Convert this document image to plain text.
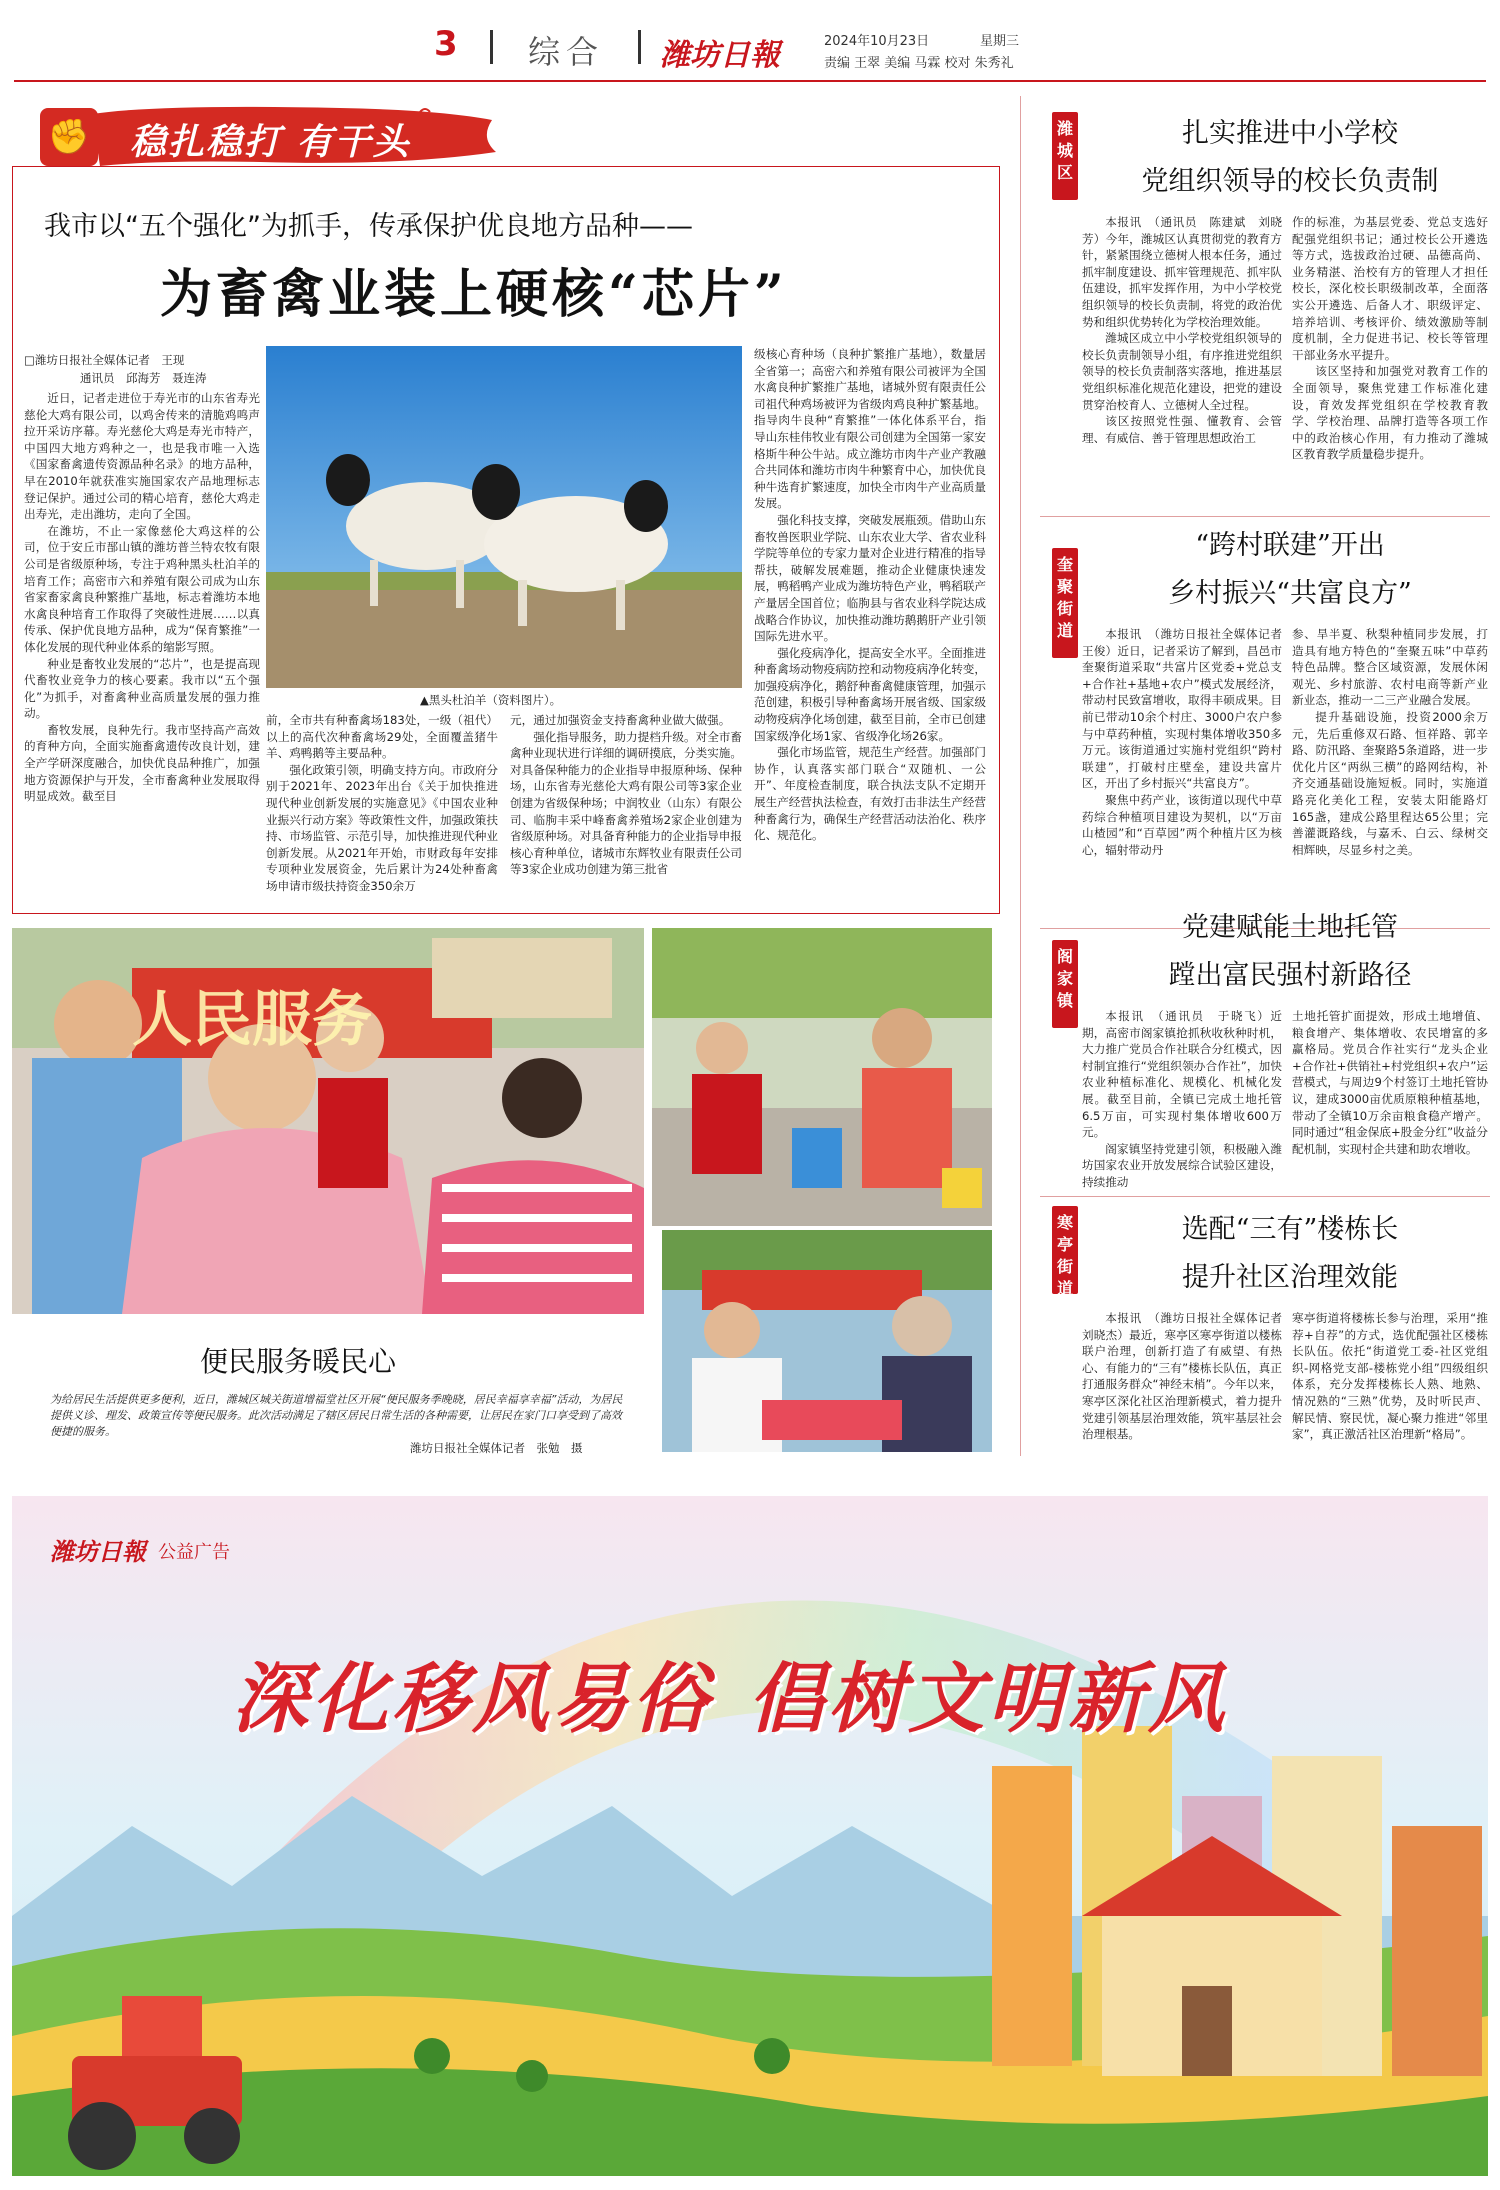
3 综合 潍坊日報	2024年10月23日	星期三
责编 王翠 美编 马霖 校对 朱秀礼
✊ 稳扎稳打 有干头
我市以“五个强化”为抓手，传承保护优良地方品种——
为畜禽业装上硬核“芯片”
□潍坊日报社全媒体记者　王现
通讯员　邱海芳　聂连涛

近日，记者走进位于寿光市的山东省寿光慈伦大鸡有限公司，以鸡舍传来的清脆鸡鸣声拉开采访序幕。寿光慈伦大鸡是寿光市特产，中国四大地方鸡种之一，也是我市唯一入选《国家畜禽遗传资源品种名录》的地方品种，早在2010年就获准实施国家农产品地理标志登记保护。通过公司的精心培育，慈伦大鸡走出寿光，走出潍坊，走向了全国。

在潍坊，不止一家像慈伦大鸡这样的公司，位于安丘市郚山镇的潍坊普兰特农牧有限公司是省级原种场，专注于鸡种黑头杜泊羊的培育工作；高密市六和养殖有限公司成为山东省家畜家禽良种繁推广基地，标志着潍坊本地水禽良种培育工作取得了突破性进展……以真传承、保护优良地方品种，成为“保育繁推”一体化发展的现代种业体系的缩影写照。

种业是畜牧业发展的“芯片”，也是提高现代畜牧业竞争力的核心要素。我市以“五个强化”为抓手，对畜禽种业高质量发展的强力推动。

畜牧发展，良种先行。我市坚持高产高效的育种方向，全面实施畜禽遗传改良计划，建全产学研深度融合，加快优良品种推广，加强地方资源保护与开发，全市畜禽种业发展取得明显成效。截至目

▲黑头杜泊羊（资料图片）。

前，全市共有种畜禽场183处，一级（祖代）以上的高代次种畜禽场29处，全面覆盖猪牛羊、鸡鸭鹅等主要品种。

强化政策引领，明确支持方向。市政府分别于2021年、2023年出台《关于加快推进现代种业创新发展的实施意见》《中国农业种业振兴行动方案》等政策性文件，加强政策扶持、市场监管、示范引导，加快推进现代种业创新发展。从2021年开始，市财政每年安排专项种业发展资金，先后累计为24处种畜禽场申请市级扶持资金350余万

元，通过加强资金支持畜禽种业做大做强。

强化指导服务，助力提档升级。对全市畜禽种业现状进行详细的调研摸底，分类实施。对具备保种能力的企业指导申报原种场、保种场，山东省寿光慈伦大鸡有限公司等3家企业创建为省级保种场；中润牧业（山东）有限公司、临朐丰采中峰畜禽养殖场2家企业创建为省级原种场。对具备育种能力的企业指导申报核心育种单位，诸城市东辉牧业有限责任公司等3家企业成功创建为第三批省

级核心育种场（良种扩繁推广基地），数量居全省第一；高密六和养殖有限公司被评为全国水禽良种扩繁推广基地，诸城外贸有限责任公司祖代种鸡场被评为省级肉鸡良种扩繁基地。指导肉牛良种“育繁推”一体化体系平台，指导山东桂伟牧业有限公司创建为全国第一家安格斯牛种公牛站。成立潍坊市肉牛产业产教融合共同体和潍坊市肉牛种繁育中心，加快优良种牛选育扩繁速度，加快全市肉牛产业高质量发展。

强化科技支撑，突破发展瓶颈。借助山东畜牧兽医职业学院、山东农业大学、省农业科学院等单位的专家力量对企业进行精准的指导帮扶，破解发展难题，推动企业健康快速发展，鸭稻鸭产业成为潍坊特色产业，鸭稻联产产量居全国首位；临朐县与省农业科学院达成战略合作协议，加快推动潍坊鹅鹅肝产业引领国际先进水平。

强化疫病净化，提高安全水平。全面推进种畜禽场动物疫病防控和动物疫病净化转变，加强疫病净化，鹅舒种畜禽健康管理，加强示范创建，积极引导种畜禽场开展省级、国家级动物疫病净化场创建，截至目前，全市已创建国家级净化场1家、省级净化场26家。

强化市场监管，规范生产经营。加强部门协作，认真落实部门联合“双随机、一公开”、年度检查制度，联合执法支队不定期开展生产经营执法检查，有效打击非法生产经营种畜禽行为，确保生产经营活动法治化、秩序化、规范化。

人民服务
便民服务暖民心
为给居民生活提供更多便利，近日，潍城区城关街道增福堂社区开展“便民服务季晚晓，居民幸福享幸福”活动，为居民提供义诊、理发、政策宣传等便民服务。此次活动满足了辖区居民日常生活的各种需要，让居民在家门口享受到了高效便捷的服务。
潍坊日报社全媒体记者　张勉　摄
潍城区
扎实推进中小学校
党组织领导的校长负责制

本报讯　（通讯员　陈建斌　刘晓芳）今年，潍城区认真贯彻党的教育方针，紧紧围绕立德树人根本任务，通过抓牢制度建设、抓牢管理规范、抓牢队伍建设，抓牢发挥作用，为中小学校党组织领导的校长负责制，将党的政治优势和组织优势转化为学校治理效能。

潍城区成立中小学校党组织领导的校长负责制领导小组，有序推进党组织领导的校长负责制落实落地，推进基层党组织标准化规范化建设，把党的建设贯穿治校育人、立德树人全过程。

该区按照党性强、懂教育、会管理、有威信、善于管理思想政治工

作的标准，为基层党委、党总支选好配强党组织书记；通过校长公开遴选等方式，选拔政治过硬、品德高尚、业务精湛、治校有方的管理人才担任校长，深化校长职级制改革，全面落实公开遴选、后备人才、职级评定、培养培训、考核评价、绩效激励等制度机制，全力促进书记、校长等管理干部业务水平提升。

该区坚持和加强党对教育工作的全面领导，聚焦党建工作标准化建设，育效发挥党组织在学校教育教学、学校治理、品牌打造等各项工作中的政治核心作用，有力推动了潍城区教育教学质量稳步提升。

奎聚街道
“跨村联建”开出
乡村振兴“共富良方”

本报讯　（潍坊日报社全媒体记者　王俊）近日，记者采访了解到，昌邑市奎聚街道采取“共富片区党委+党总支+合作社+基地+农户”模式发展经济，带动村民致富增收，取得丰硕成果。目前已带动10余个村庄、3000户农户参与中草药种植，实现村集体增收350多万元。该街道通过实施村党组织“跨村联建”，打破村庄壁垒，建设共富片区，开出了乡村振兴“共富良方”。

聚焦中药产业，该街道以现代中草药综合种植项目建设为契机，以“万亩山楂园”和“百草园”两个种植片区为核心，辐射带动丹

参、旱半夏、秋梨种植同步发展，打造具有地方特色的“奎聚五味”中草药特色品牌。整合区域资源，发展休闲观光、乡村旅游、农村电商等新产业新业态，推动一二三产业融合发展。

提升基础设施，投资2000余万元，先后重修双石路、恒祥路、郭辛路、防汛路、奎聚路5条道路，进一步优化片区“两纵三横”的路网结构，补齐交通基础设施短板。同时，实施道路亮化美化工程，安装太阳能路灯165盏，建成公路里程达65公里；完善灌溉路线，与嘉禾、白云、绿树交相辉映，尽显乡村之美。

阁家镇
党建赋能土地托管
蹚出富民强村新路径

本报讯　（通讯员　于晓飞）近期，高密市阁家镇抢抓秋收秋种时机，大力推广党员合作社联合分红模式，因村制宜推行“党组织领办合作社”，加快农业种植标准化、规模化、机械化发展。截至目前，全镇已完成土地托管6.5万亩，可实现村集体增收600万元。

阁家镇坚持党建引领，积极融入潍坊国家农业开放发展综合试验区建设，持续推动

土地托管扩面提效，形成土地增值、粮食增产、集体增收、农民增富的多赢格局。党员合作社实行“龙头企业+合作社+供销社+村党组织+农户”运营模式，与周边9个村签订土地托管协议，建成3000亩优质原粮种植基地，带动了全镇10万余亩粮食稳产增产。同时通过“租金保底+股金分红”收益分配机制，实现村企共建和助农增收。

寒亭街道
选配“三有”楼栋长
提升社区治理效能

本报讯　（潍坊日报社全媒体记者　刘晓杰）最近，寒亭区寒亭街道以楼栋联户治理，创新打造了有威望、有热心、有能力的“三有”楼栋长队伍，真正打通服务群众“神经末梢”。今年以来，寒亭区深化社区治理新模式，着力提升党建引领基层治理效能，筑牢基层社会治理根基。

寒亭街道将楼栋长参与治理，采用“推荐+自荐”的方式，选优配强社区楼栋长队伍。依托“街道党工委-社区党组织-网格党支部-楼栋党小组”四级组织体系，充分发挥楼栋长人熟、地熟、情况熟的“三熟”优势，及时听民声、解民情、察民忧，凝心聚力推进“邻里家”，真正激活社区治理新“格局”。

潍坊日報 公益广告
深化移风易俗 倡树文明新风
